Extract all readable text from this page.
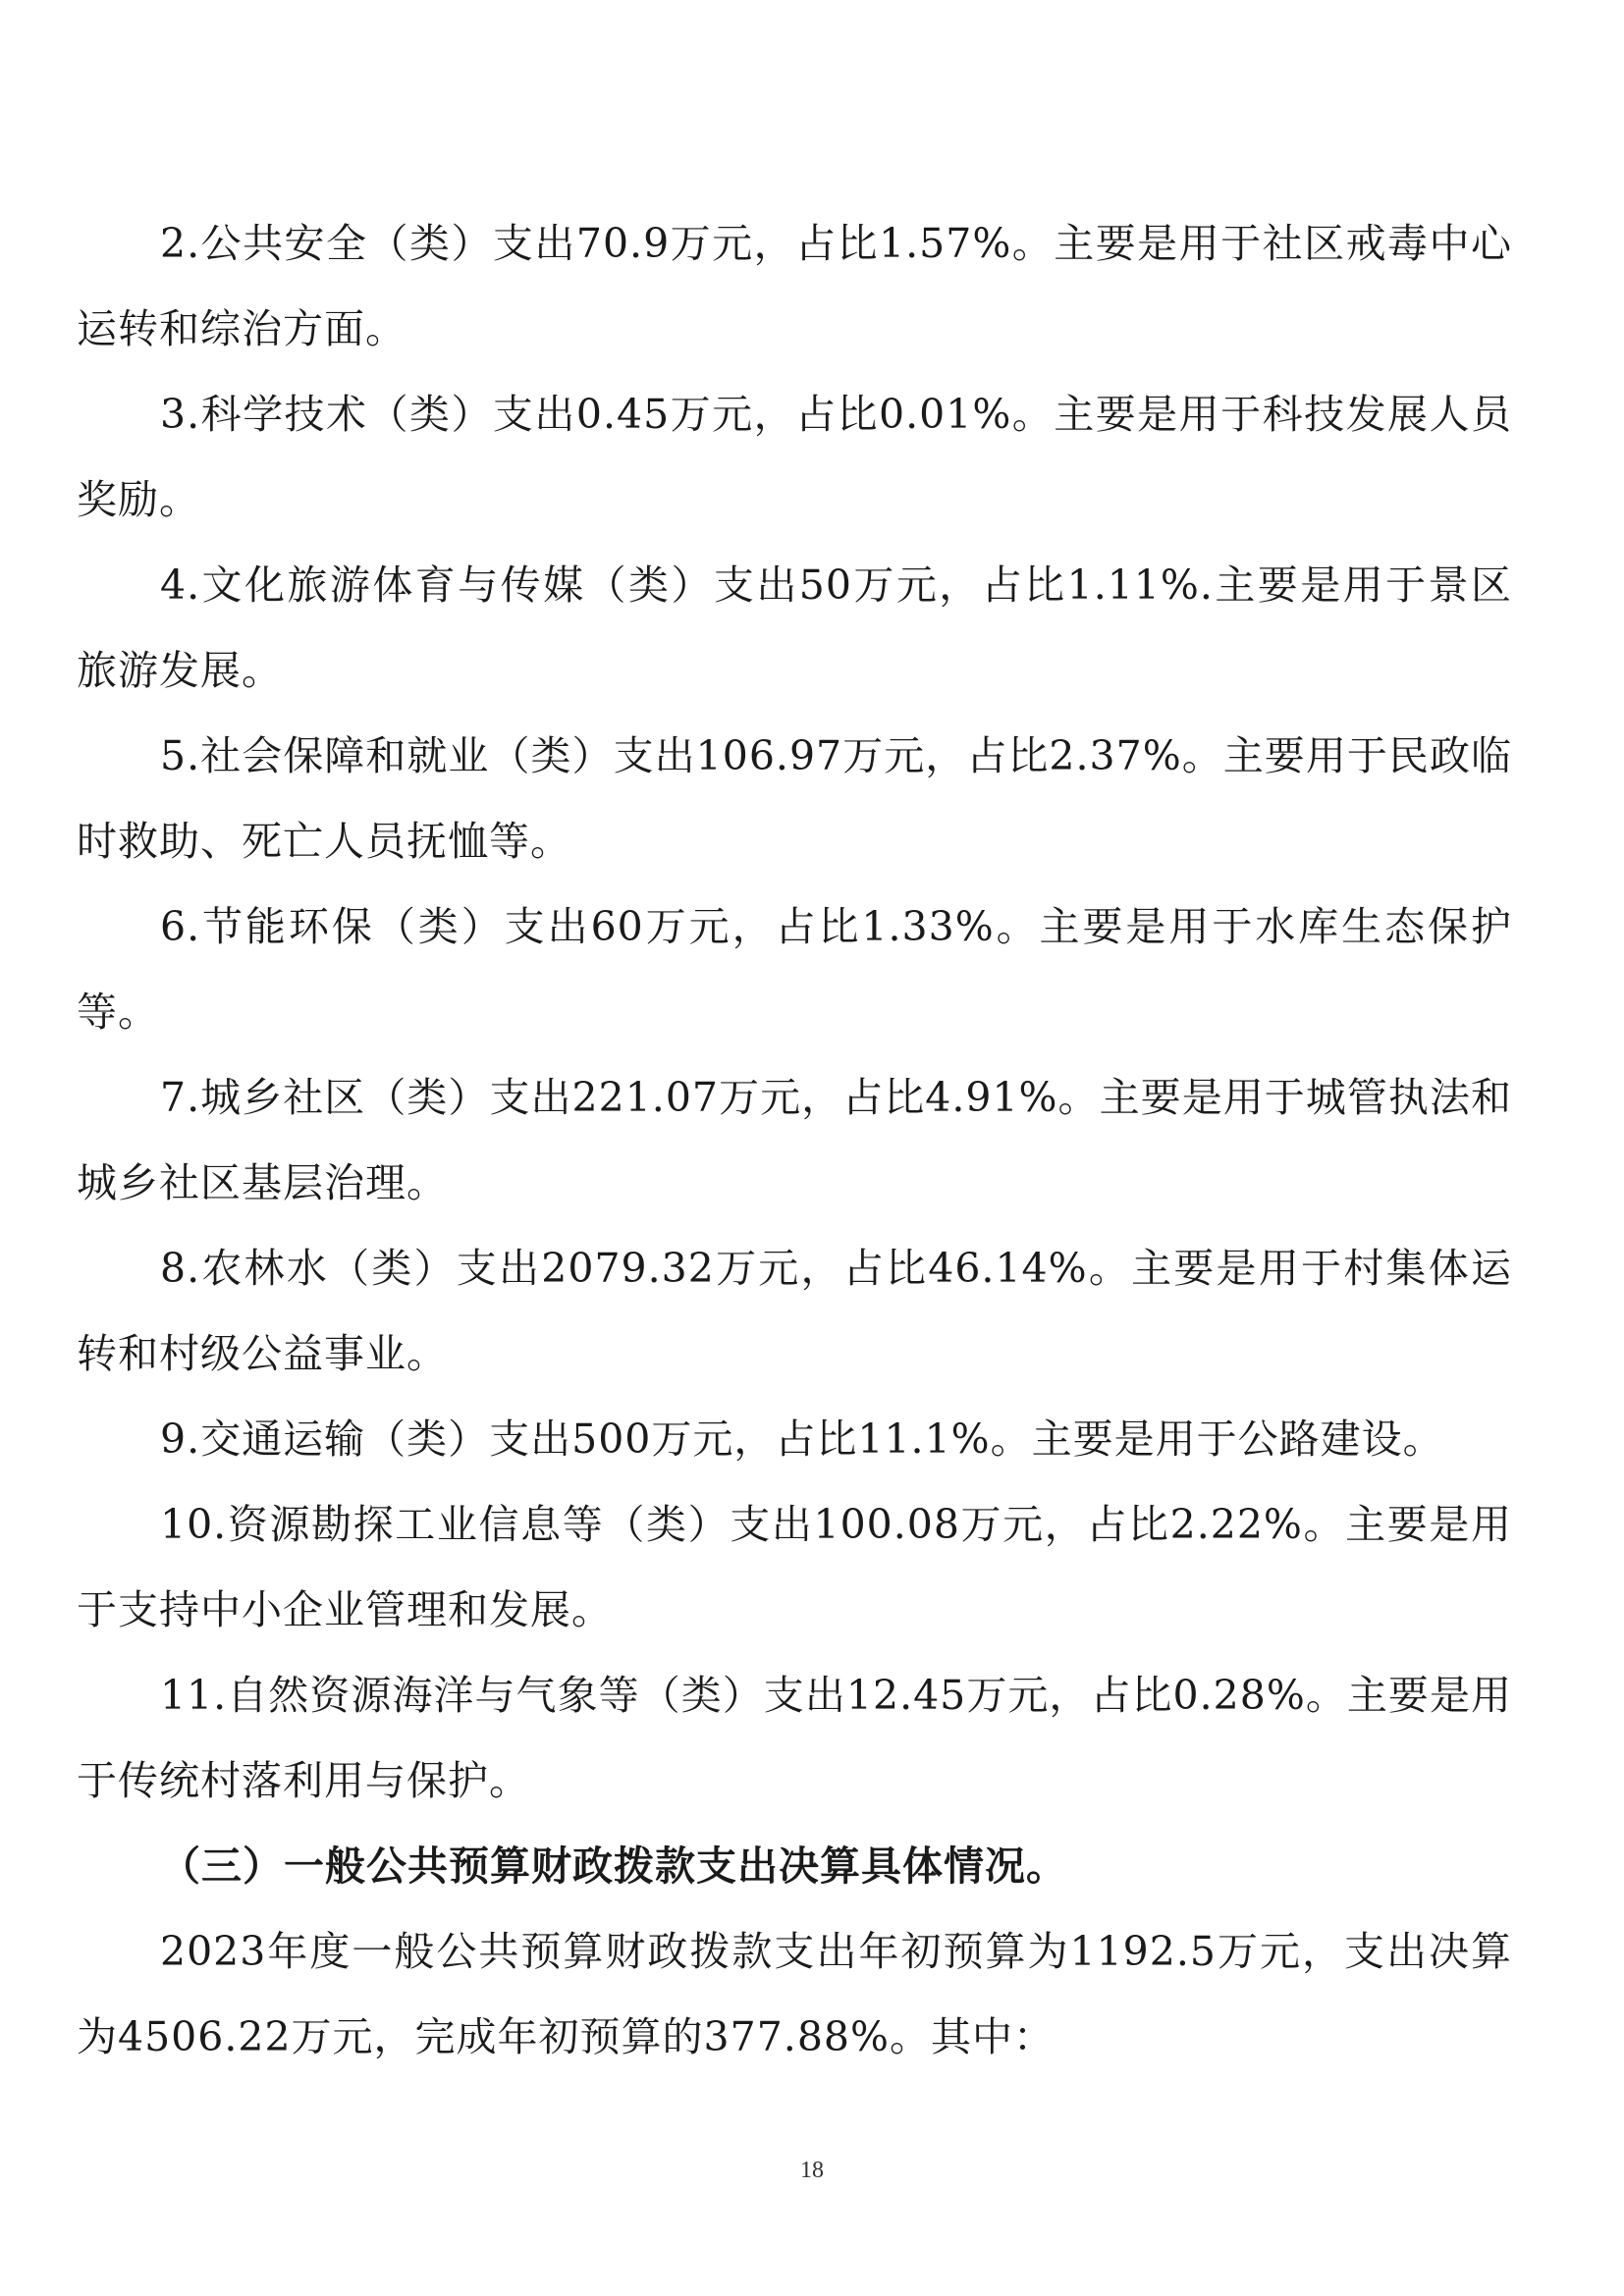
2.公共安全（类）支出70.9万元，占比1.57%。主要是用于社区戒毒中心运转和综治方面。

3.科学技术（类）支出0.45万元，占比0.01%。主要是用于科技发展人员奖励。

4.文化旅游体育与传媒（类）支出50万元，占比1.11%.主要是用于景区旅游发展。

5.社会保障和就业（类）支出106.97万元，占比2.37%。主要用于民政临时救助、死亡人员抚恤等。

6.节能环保（类）支出60万元，占比1.33%。主要是用于水库生态保护等。

7.城乡社区（类）支出221.07万元，占比4.91%。主要是用于城管执法和城乡社区基层治理。

8.农林水（类）支出2079.32万元，占比46.14%。主要是用于村集体运转和村级公益事业。

9.交通运输（类）支出500万元，占比11.1%。主要是用于公路建设。

10.资源勘探工业信息等（类）支出100.08万元，占比2.22%。主要是用于支持中小企业管理和发展。

11.自然资源海洋与气象等（类）支出12.45万元，占比0.28%。主要是用于传统村落利用与保护。

（三）一般公共预算财政拨款支出决算具体情况。

2023年度一般公共预算财政拨款支出年初预算为1192.5万元，支出决算为4506.22万元，完成年初预算的377.88%。其中：

18
